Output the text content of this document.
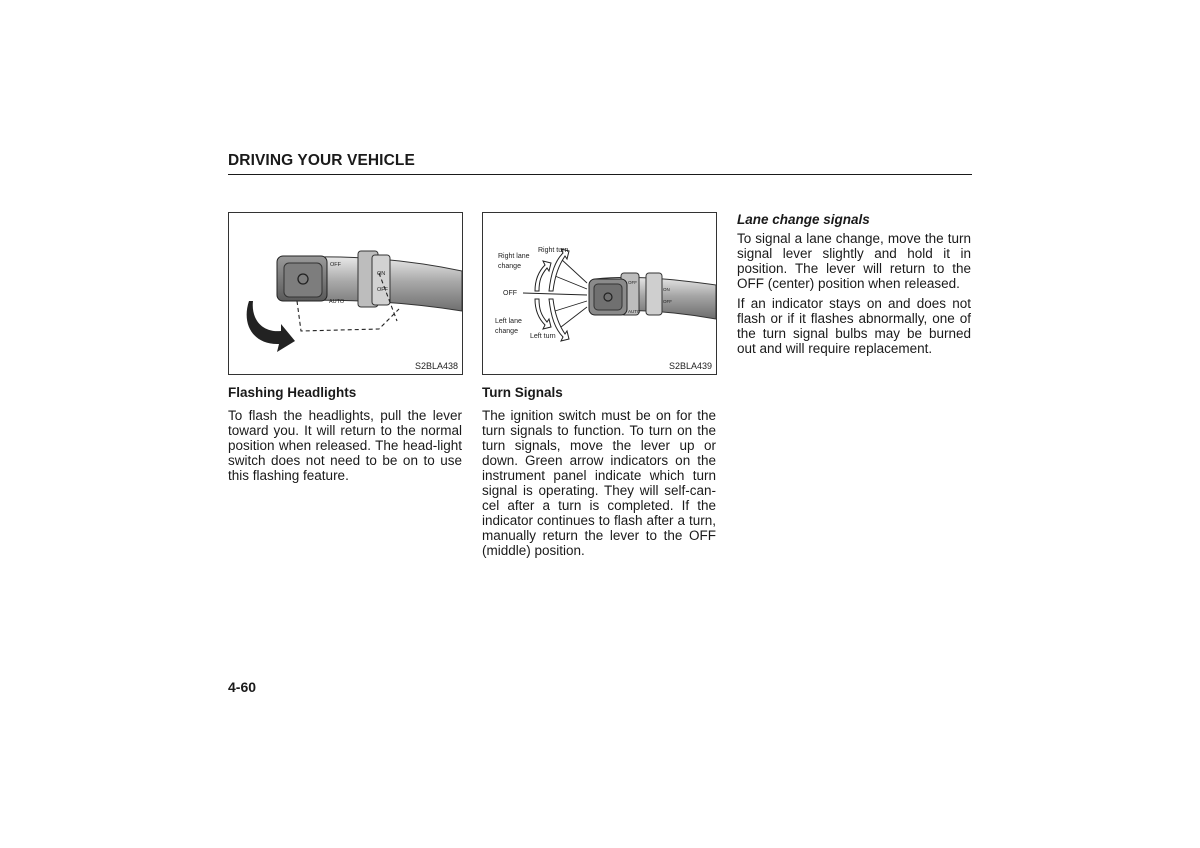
DRIVING YOUR VEHICLE
OFF
ON
OFF
AUTO
S2BLA438
Right turn
Right lane
change
OFF
Left lane
change
Left turn
OFF
ON
OFF
AUTO
S2BLA439
Flashing Headlights
To flash the headlights, pull the lever toward you. It will return to the normal position when released. The head-light switch does not need to be on to use this flashing feature.
Turn Signals
The ignition switch must be on for the turn signals to function. To turn on the turn signals, move the lever up or down. Green arrow indicators on the instrument panel indicate which turn signal is operating. They will self-can-cel after a turn is completed. If the indicator continues to flash after a turn, manually return the lever to the OFF (middle) position.
Lane change signals
To signal a lane change, move the turn signal lever slightly and hold it in position. The lever will return to the OFF (center) position when released.
If an indicator stays on and does not flash or if it flashes abnormally, one of the turn signal bulbs may be burned out and will require replacement.
4-60
